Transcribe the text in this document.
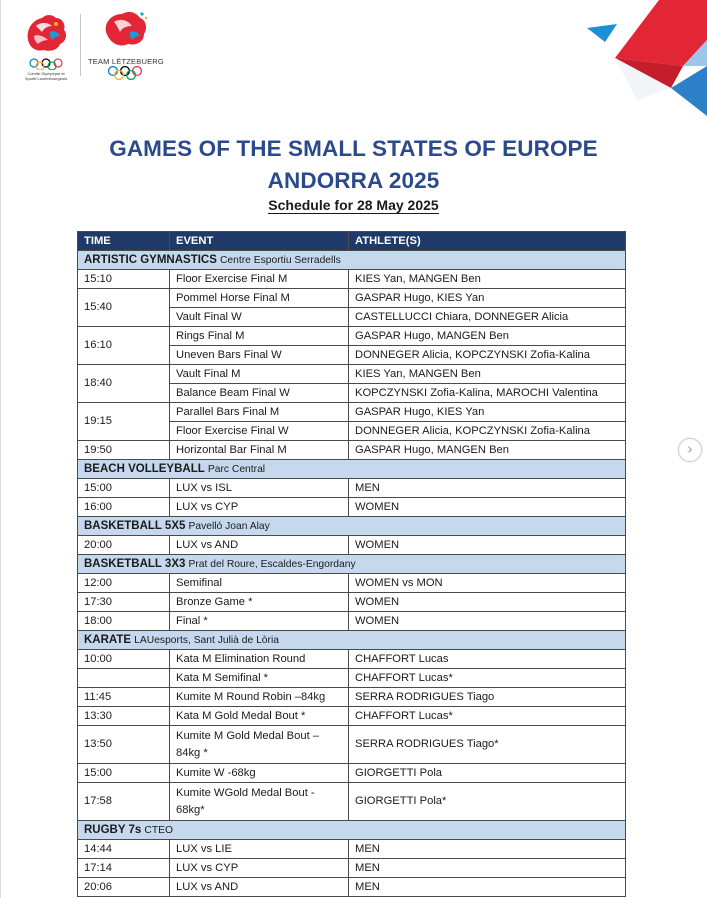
Comité Olympique et
Sportif Luxembourgeois
TEAM LËTZEBUERG
GAMES OF THE SMALL STATES OF EUROPE
ANDORRA 2025
Schedule for 28 May 2025
TIME	EVENT	ATHLETE(S)
ARTISTIC GYMNASTICS Centre Esportiu Serradells		
15:10	Floor Exercise Final M	KIES Yan, MANGEN Ben
15:40	Pommel Horse Final M	GASPAR Hugo, KIES Yan
	Vault Final W	CASTELLUCCI Chiara, DONNEGER Alicia
16:10	Rings Final M	GASPAR Hugo, MANGEN Ben
	Uneven Bars Final W	DONNEGER Alicia, KOPCZYNSKI Zofia-Kalina
18:40	Vault Final M	KIES Yan, MANGEN Ben
	Balance Beam Final W	KOPCZYNSKI Zofia-Kalina, MAROCHI Valentina
19:15	Parallel Bars Final M	GASPAR Hugo, KIES Yan
	Floor Exercise Final W	DONNEGER Alicia, KOPCZYNSKI Zofia-Kalina
19:50	Horizontal Bar Final M	GASPAR Hugo, MANGEN Ben
BEACH VOLLEYBALL Parc Central		
15:00	LUX vs ISL	MEN
16:00	LUX vs CYP	WOMEN
BASKETBALL 5X5 Pavelló Joan Alay		
20:00	LUX vs AND	WOMEN
BASKETBALL 3X3 Prat del Roure, Escaldes-Engordany		
12:00	Semifinal	WOMEN vs MON
17:30	Bronze Game *	WOMEN
18:00	Final *	WOMEN
KARATE LAUesports, Sant Julià de Lòria		
10:00	Kata M Elimination Round	CHAFFORT Lucas
	Kata M Semifinal *	CHAFFORT Lucas*
11:45	Kumite M Round Robin –84kg	SERRA RODRIGUES Tiago
13:30	Kata M Gold Medal Bout *	CHAFFORT Lucas*
13:50	Kumite M Gold Medal Bout – 84kg *	SERRA RODRIGUES Tiago*
15:00	Kumite W -68kg	GIORGETTI Pola
17:58	Kumite WGold Medal Bout - 68kg*	GIORGETTI Pola*
RUGBY 7s CTEO		
14:44	LUX vs LIE	MEN
17:14	LUX vs CYP	MEN
20:06	LUX vs AND	MEN
›
